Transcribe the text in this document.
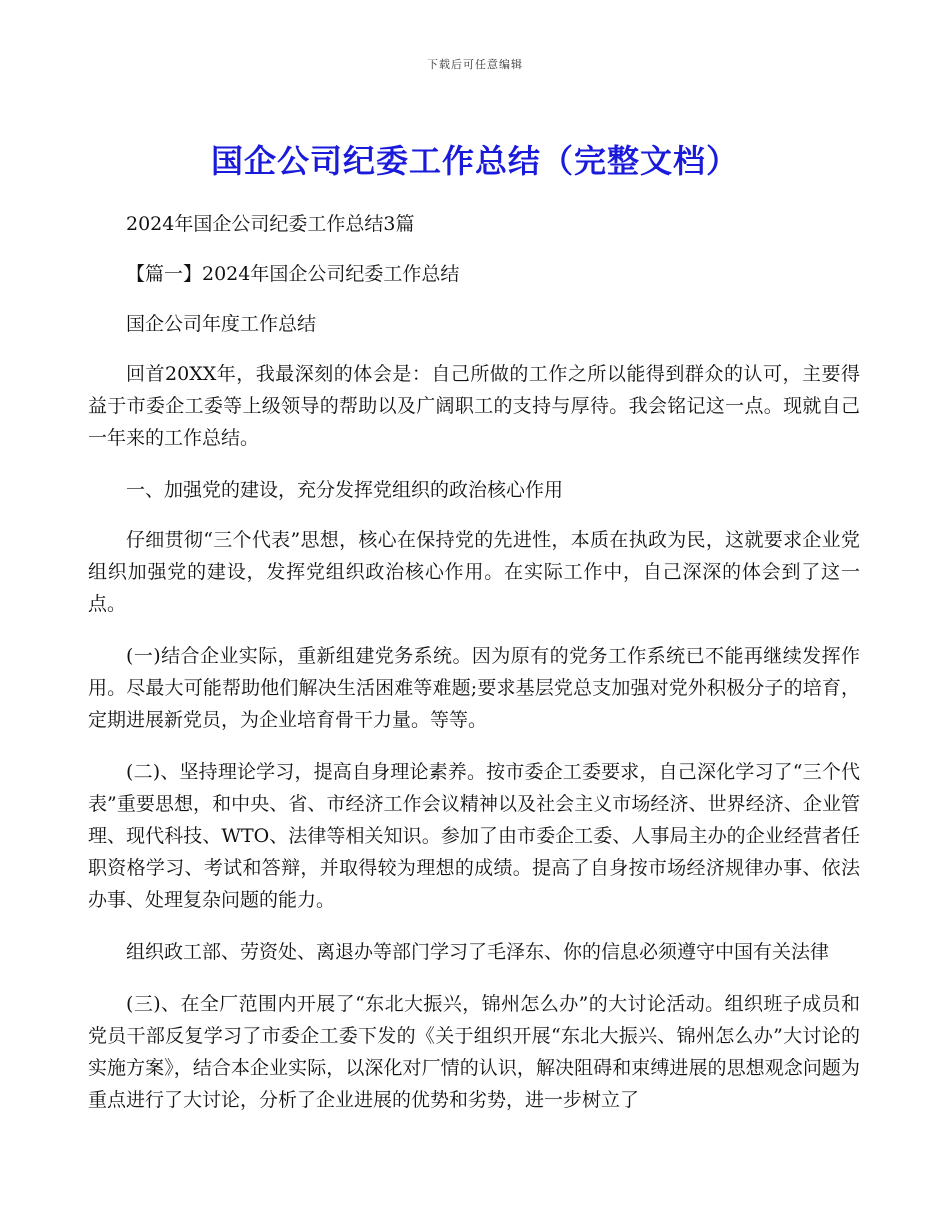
下载后可任意编辑
国企公司纪委工作总结（完整文档）

2024年国企公司纪委工作总结3篇

【篇一】2024年国企公司纪委工作总结

国企公司年度工作总结

回首20XX年，我最深刻的体会是：自己所做的工作之所以能得到群众的认可，主要得益于市委企工委等上级领导的帮助以及广阔职工的支持与厚待。我会铭记这一点。现就自己一年来的工作总结。

一、加强党的建设，充分发挥党组织的政治核心作用

仔细贯彻“三个代表”思想，核心在保持党的先进性，本质在执政为民，这就要求企业党组织加强党的建设，发挥党组织政治核心作用。在实际工作中，自己深深的体会到了这一点。

(一)结合企业实际，重新组建党务系统。因为原有的党务工作系统已不能再继续发挥作用。尽最大可能帮助他们解决生活困难等难题;要求基层党总支加强对党外积极分子的培育，定期进展新党员，为企业培育骨干力量。等等。

(二)、坚持理论学习，提高自身理论素养。按市委企工委要求，自己深化学习了“三个代表”重要思想，和中央、省、市经济工作会议精神以及社会主义市场经济、世界经济、企业管理、现代科技、WTO、法律等相关知识。参加了由市委企工委、人事局主办的企业经营者任职资格学习、考试和答辩，并取得较为理想的成绩。提高了自身按市场经济规律办事、依法办事、处理复杂问题的能力。

组织政工部、劳资处、离退办等部门学习了毛泽东、你的信息必须遵守中国有关法律

(三)、在全厂范围内开展了“东北大振兴，锦州怎么办”的大讨论活动。组织班子成员和党员干部反复学习了市委企工委下发的《关于组织开展“东北大振兴、锦州怎么办”大讨论的实施方案》，结合本企业实际，以深化对厂情的认识，解决阻碍和束缚进展的思想观念问题为重点进行了大讨论，分析了企业进展的优势和劣势，进一步树立了
